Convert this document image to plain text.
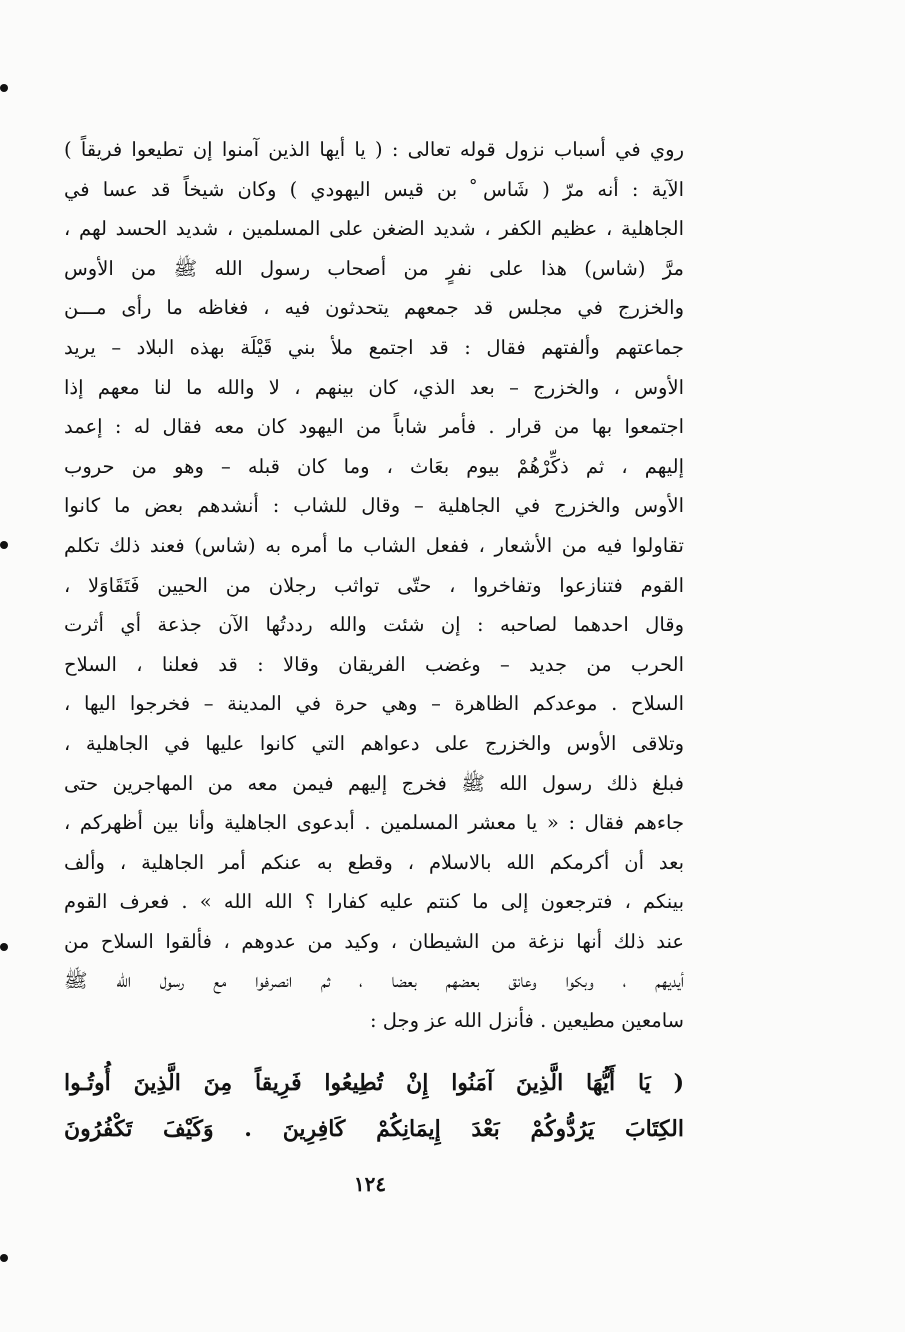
روي في أسباب نزول قوله تعالى : ( يا أيها الذين آمنوا إن تطيعوا فريقاً )
الآية : أنه مرّ ( شَاس ْ بن قيس اليهودي ) وكان شيخاً قد عسا في
الجاهلية ، عظيم الكفر ، شديد الضغن على المسلمين ، شديد الحسد لهم ،
مرَّ (شاس) هذا على نفرٍ من أصحاب رسول الله ﷺ من الأوس
والخزرج في مجلس قد جمعهم يتحدثون فيه ، فغاظه ما رأى مـــن
جماعتهم وألفتهم فقال : قد اجتمع ملأ بني قَيْلَة بهذه البلاد – يريد
الأوس ، والخزرج – بعد الذي، كان بينهم ، لا والله ما لنا معهم إذا
اجتمعوا بها من قرار . فأمر شاباً من اليهود كان معه فقال له : إعمد
إليهم ، ثم ذكِّرْهُمْ بيوم بعَاث ، وما كان قبله – وهو من حروب
الأوس والخزرج في الجاهلية – وقال للشاب : أنشدهم بعض ما كانوا
تقاولوا فيه من الأشعار ، ففعل الشاب ما أمره به (شاس) فعند ذلك تكلم
القوم فتنازعوا وتفاخروا ، حتّى تواثب رجلان من الحيين فَتَقَاوَلا ،
وقال احدهما لصاحبه : إن شئت والله رددتُها الآن جذعة أي أثرت
الحرب من جديد – وغضب الفريقان وقالا : قد فعلنا ، السلاح
السلاح . موعدكم الظاهرة – وهي حرة في المدينة – فخرجوا اليها ،
وتلاقى الأوس والخزرج على دعواهم التي كانوا عليها في الجاهلية ،
فبلغ ذلك رسول الله ﷺ فخرج إليهم فيمن معه من المهاجرين حتى
جاءهم فقال : « يا معشر المسلمين . أبدعوى الجاهلية وأنا بين أظهركم ،
بعد أن أكرمكم الله بالاسلام ، وقطع به عنكم أمر الجاهلية ، وألف
بينكم ، فترجعون إلى ما كنتم عليه كفارا ؟ الله الله » . فعرف القوم
عند ذلك أنها نزغة من الشيطان ، وكيد من عدوهم ، فألقوا السلاح من
أيديهم ، وبكوا وعانق بعضهم بعضا ، ثم انصرفوا مع رسول الله ﷺ
سامعين مطيعين . فأنزل الله عز وجل :
( يَا أَيُّهَا الَّذِينَ آمَنُوا إِنْ تُطِيعُوا فَرِيقاً مِنَ الَّذِينَ أُوتُـوا
الكِتَابَ يَرُدُّوكُمْ بَعْدَ إِيمَانِكُمْ كَافِرِينَ . وَكَيْفَ تَكْفُرُونَ
١٢٤
